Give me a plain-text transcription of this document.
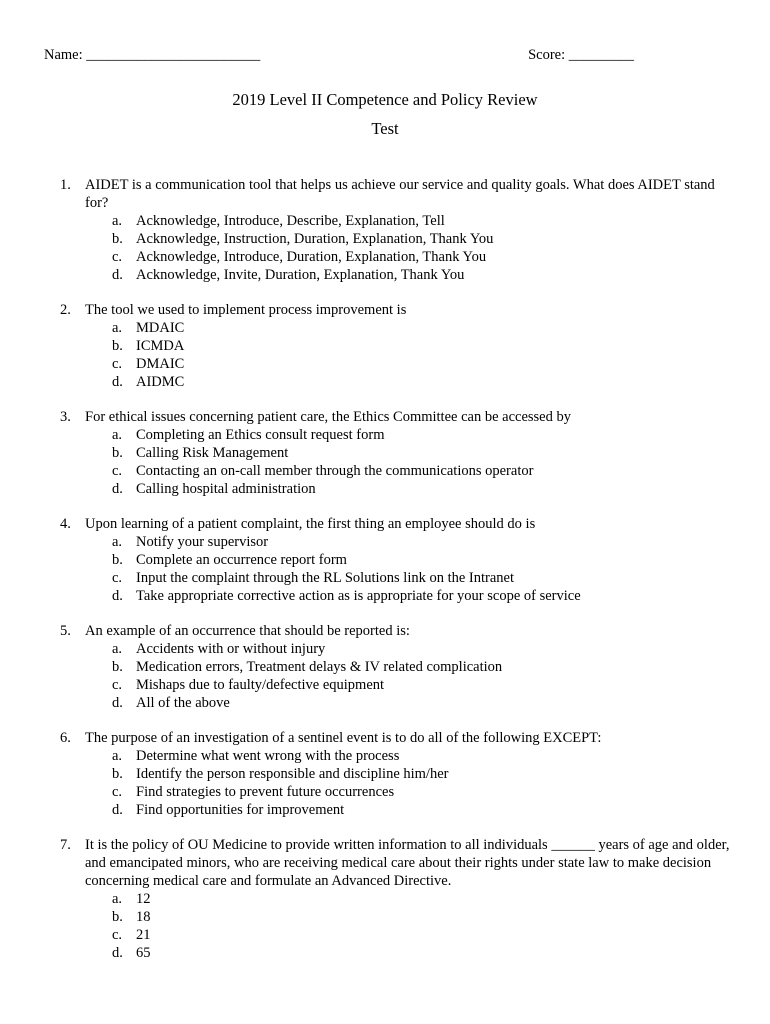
Name: ________________________	Score: _________
2019 Level II Competence and Policy Review
Test
1. AIDET is a communication tool that helps us achieve our service and quality goals. What does AIDET stand for?
a. Acknowledge, Introduce, Describe, Explanation, Tell
b. Acknowledge, Instruction, Duration, Explanation, Thank You
c. Acknowledge, Introduce, Duration, Explanation, Thank You
d. Acknowledge, Invite, Duration, Explanation, Thank You
2. The tool we used to implement process improvement is
a. MDAIC
b. ICMDA
c. DMAIC
d. AIDMC
3. For ethical issues concerning patient care, the Ethics Committee can be accessed by
a. Completing an Ethics consult request form
b. Calling Risk Management
c. Contacting an on-call member through the communications operator
d. Calling hospital administration
4. Upon learning of a patient complaint, the first thing an employee should do is
a. Notify your supervisor
b. Complete an occurrence report form
c. Input the complaint through the RL Solutions link on the Intranet
d. Take appropriate corrective action as is appropriate for your scope of service
5. An example of an occurrence that should be reported is:
a. Accidents with or without injury
b. Medication errors, Treatment delays & IV related complication
c. Mishaps due to faulty/defective equipment
d. All of the above
6. The purpose of an investigation of a sentinel event is to do all of the following EXCEPT:
a. Determine what went wrong with the process
b. Identify the person responsible and discipline him/her
c. Find strategies to prevent future occurrences
d. Find opportunities for improvement
7. It is the policy of OU Medicine to provide written information to all individuals ______ years of age and older, and emancipated minors, who are receiving medical care about their rights under state law to make decision concerning medical care and formulate an Advanced Directive.
a. 12
b. 18
c. 21
d. 65
